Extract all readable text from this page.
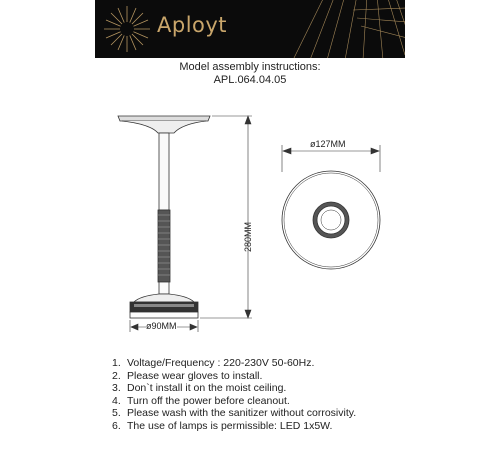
Aployt
Model assembly instructions:
APL.064.04.05
ø127MM
ø90MM
280MM
1. Voltage/Frequency : 220-230V 50-60Hz.
2. Please wear gloves to install.
3. Don`t install it on the moist ceiling.
4. Turn off the power before cleanout.
5. Please wash with the sanitizer without corrosivity.
6. The use of lamps is permissible: LED 1x5W.
